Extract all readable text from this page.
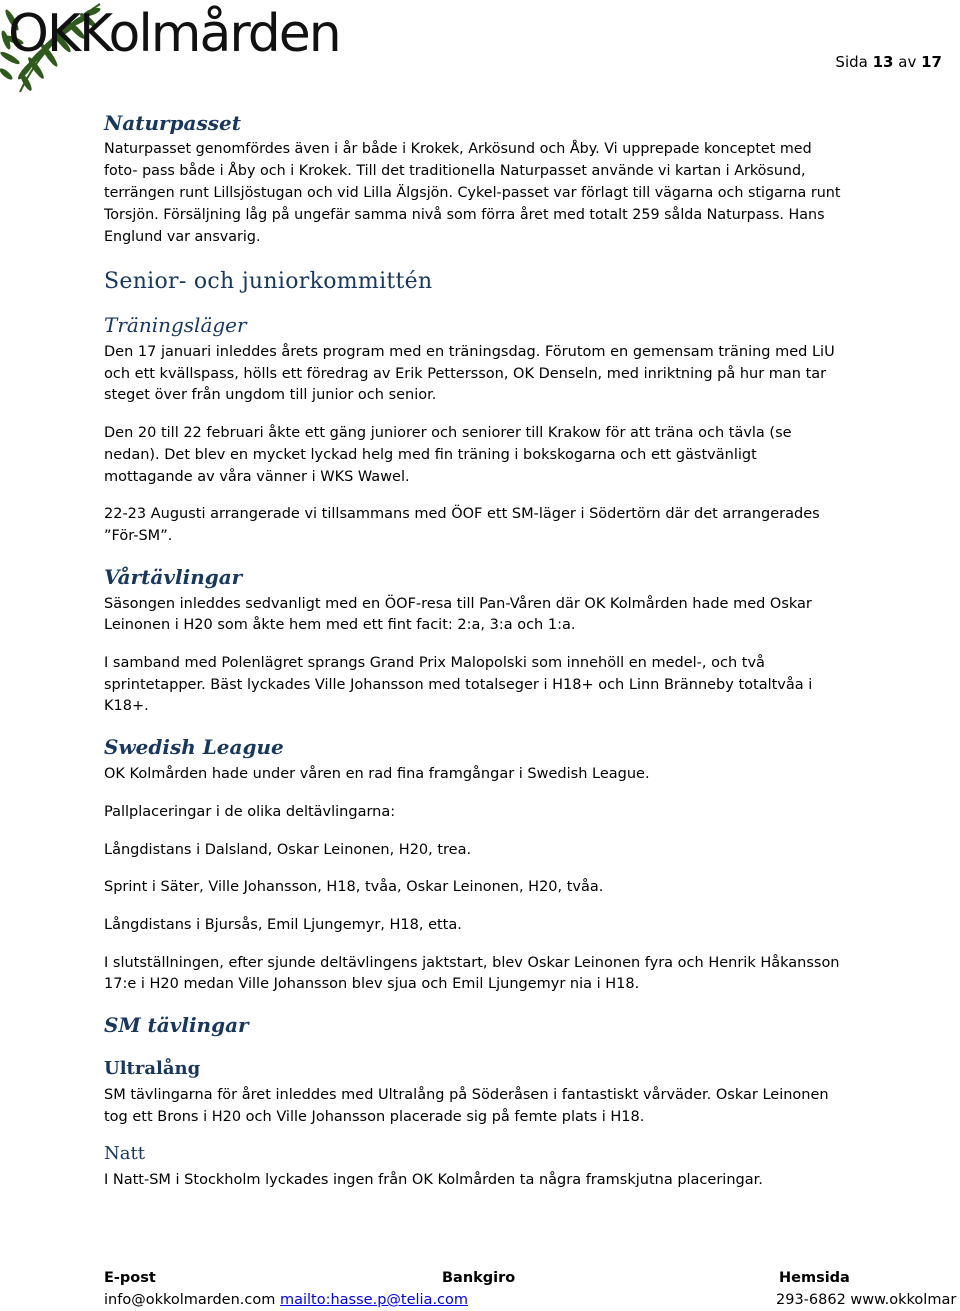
OKKolmården	Sida 13 av 17
Naturpasset

Naturpasset genomfördes även i år både i Krokek, Arkösund och Åby. Vi upprepade konceptet med foto- pass både i Åby och i Krokek. Till det traditionella Naturpasset använde vi kartan i Arkösund, terrängen runt Lillsjöstugan och vid Lilla Älgsjön. Cykel-passet var förlagt till vägarna och stigarna runt Torsjön. Försäljning låg på ungefär samma nivå som förra året med totalt 259 sålda Naturpass. Hans Englund var ansvarig.

Senior- och juniorkommittén
Träningsläger

Den 17 januari inleddes årets program med en träningsdag. Förutom en gemensam träning med LiU och ett kvällspass, hölls ett föredrag av Erik Pettersson, OK Denseln, med inriktning på hur man tar steget över från ungdom till junior och senior.

Den 20 till 22 februari åkte ett gäng juniorer och seniorer till Krakow för att träna och tävla (se nedan). Det blev en mycket lyckad helg med fin träning i bokskogarna och ett gästvänligt mottagande av våra vänner i WKS Wawel.

22-23 Augusti arrangerade vi tillsammans med ÖOF ett SM-läger i Södertörn där det arrangerades ”För-SM”.

Vårtävlingar

Säsongen inleddes sedvanligt med en ÖOF-resa till Pan-Våren där OK Kolmården hade med Oskar Leinonen i H20 som åkte hem med ett fint facit: 2:a, 3:a och 1:a.

I samband med Polenlägret sprangs Grand Prix Malopolski som innehöll en medel-, och två sprintetapper. Bäst lyckades Ville Johansson med totalseger i H18+ och Linn Bränneby totaltvåa i K18+.

Swedish League

OK Kolmården hade under våren en rad fina framgångar i Swedish League.

Pallplaceringar i de olika deltävlingarna:

Långdistans i Dalsland, Oskar Leinonen, H20, trea.

Sprint i Säter, Ville Johansson, H18, tvåa, Oskar Leinonen, H20, tvåa.

Långdistans i Bjursås, Emil Ljungemyr, H18, etta.

I slutställningen, efter sjunde deltävlingens jaktstart, blev Oskar Leinonen fyra och Henrik Håkansson 17:e i H20 medan Ville Johansson blev sjua och Emil Ljungemyr nia i H18.

SM tävlingar
Ultralång

SM tävlingarna för året inleddes med Ultralång på Söderåsen i fantastiskt vårväder. Oskar Leinonen tog ett Brons i H20 och Ville Johansson placerade sig på femte plats i H18.

Natt

I Natt-SM i Stockholm lyckades ingen från OK Kolmården ta några framskjutna placeringar.

E-post
info@okkolmarden.com mailto:hasse.p@telia.com
Bankgiro	Hemsida
293-6862 www.okkolmar
